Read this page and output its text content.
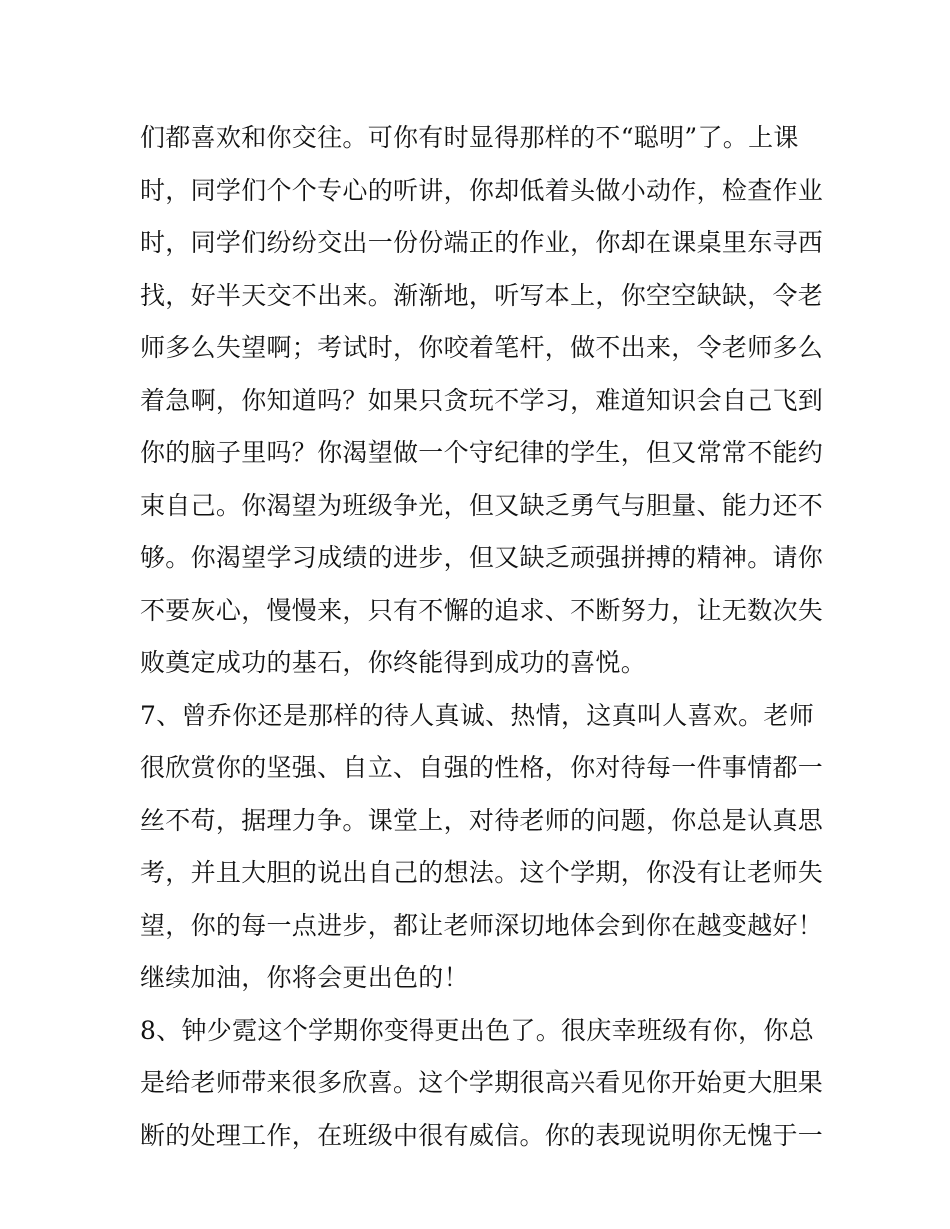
们都喜欢和你交往。可你有时显得那样的不“聪明”了。上课
时，同学们个个专心的听讲，你却低着头做小动作，检查作业
时，同学们纷纷交出一份份端正的作业，你却在课桌里东寻西
找，好半天交不出来。渐渐地，听写本上，你空空缺缺，令老
师多么失望啊；考试时，你咬着笔杆，做不出来，令老师多么
着急啊，你知道吗？如果只贪玩不学习，难道知识会自己飞到
你的脑子里吗？你渴望做一个守纪律的学生，但又常常不能约
束自己。你渴望为班级争光，但又缺乏勇气与胆量、能力还不
够。你渴望学习成绩的进步，但又缺乏顽强拼搏的精神。请你
不要灰心，慢慢来，只有不懈的追求、不断努力，让无数次失
败奠定成功的基石，你终能得到成功的喜悦。
7、曾乔你还是那样的待人真诚、热情，这真叫人喜欢。老师
很欣赏你的坚强、自立、自强的性格，你对待每一件事情都一
丝不苟，据理力争。课堂上，对待老师的问题，你总是认真思
考，并且大胆的说出自己的想法。这个学期，你没有让老师失
望，你的每一点进步，都让老师深切地体会到你在越变越好！
继续加油，你将会更出色的！
8、钟少霓这个学期你变得更出色了。很庆幸班级有你，你总
是给老师带来很多欣喜。这个学期很高兴看见你开始更大胆果
断的处理工作，在班级中很有威信。你的表现说明你无愧于一
